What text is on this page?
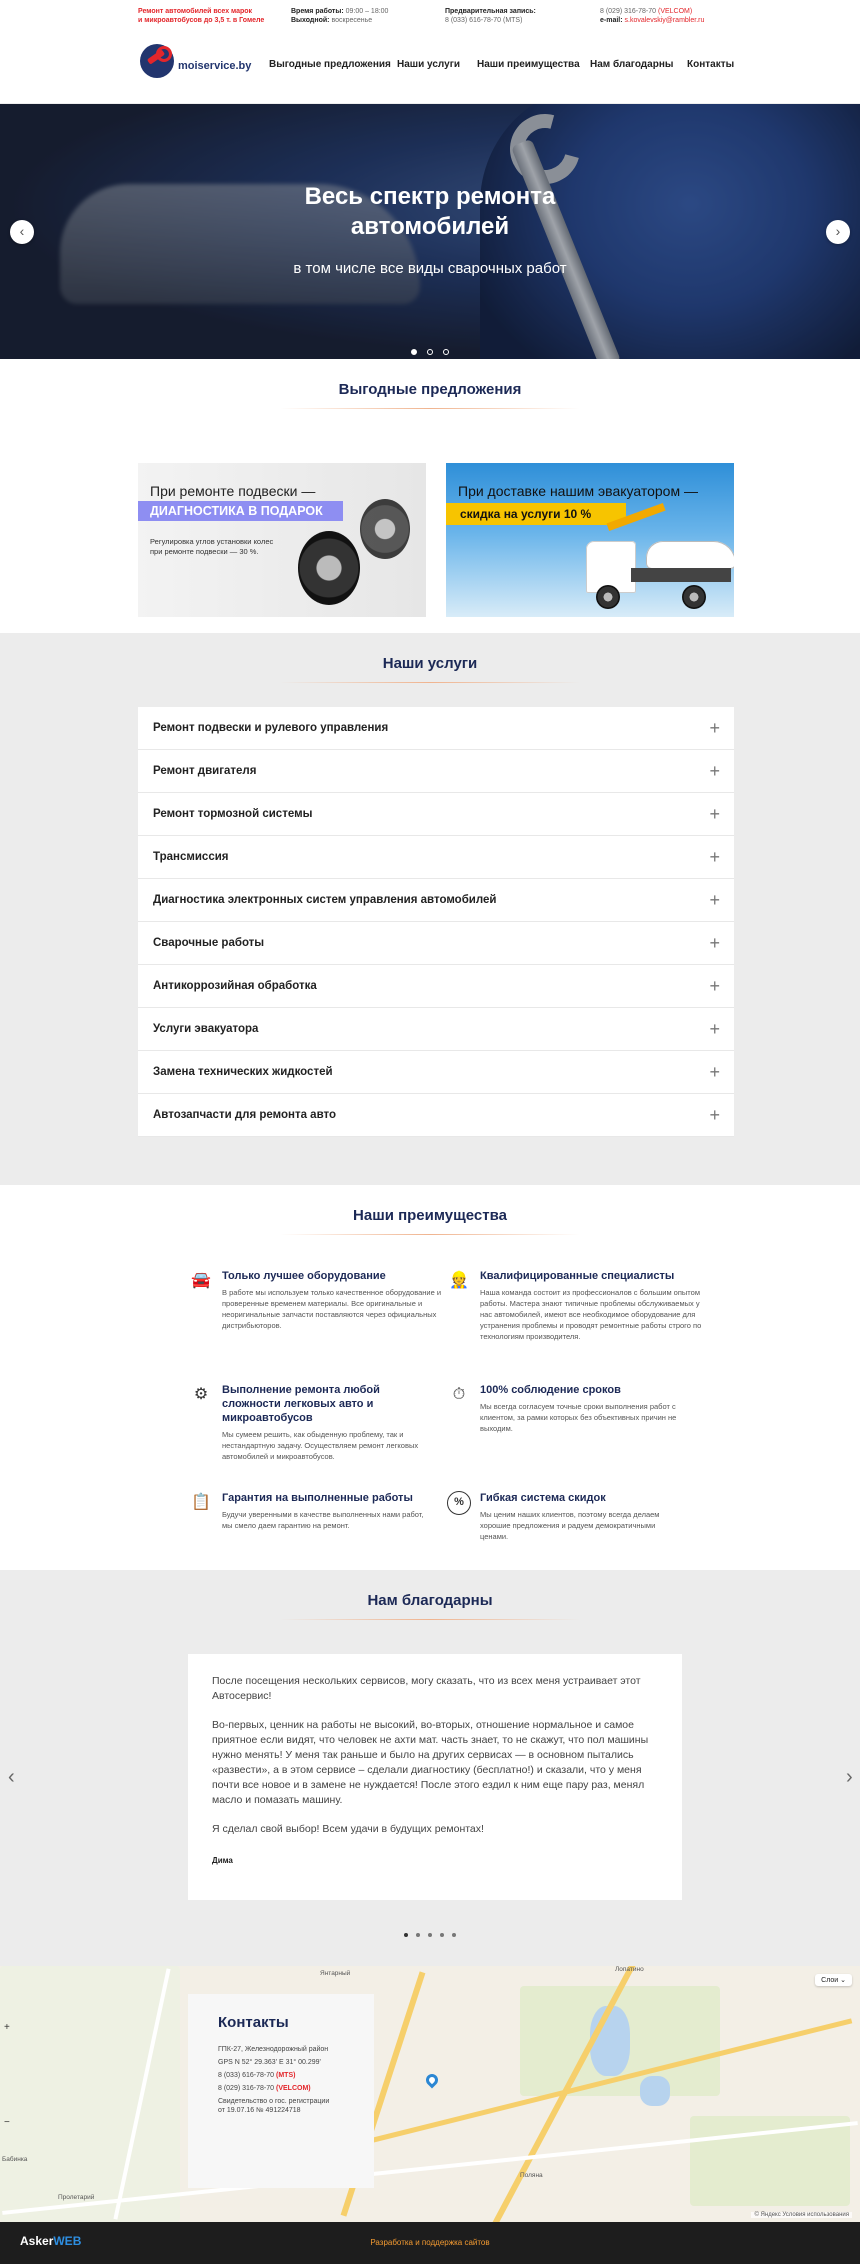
Ремонт автомобилей всех марок
и микроавтобусов до 3,5 т. в Гомеле
Время работы: 09:00 – 18:00
Выходной: воскресенье
Предварительная запись:
8 (033) 616-78-70 (MTS)
8 (029) 316-78-70 (VELCOM)
e-mail: s.kovalevskiy@rambler.ru
moiservice.by Выгодные предложения Наши услуги Наши преимущества Нам благодарны Контакты
Весь спектр ремонта
автомобилей
в том числе все виды сварочных работ
‹	›
Выгодные предложения
При ремонте подвески —
ДИАГНОСТИКА В ПОДАРОК
Регулировка углов установки колес
при ремонте подвески — 30 %.
При доставке нашим эвакуатором —
скидка на услуги 10 %
Наши услуги
Ремонт подвески и рулевого управления	+
Ремонт двигателя	+
Ремонт тормозной системы	+
Трансмиссия	+
Диагностика электронных систем управления автомобилей	+
Сварочные работы	+
Антикоррозийная обработка	+
Услуги эвакуатора	+
Замена технических жидкостей	+
Автозапчасти для ремонта авто	+
Наши преимущества
🚘 Только лучшее оборудование
В работе мы используем только качественное оборудование и проверенные временем материалы. Все оригинальные и неоригинальные запчасти поставляются через официальных дистрибьюторов.
👷 Квалифицированные специалисты
Наша команда состоит из профессионалов с большим опытом работы. Мастера знают типичные проблемы обслуживаемых у нас автомобилей, имеют все необходимое оборудование для устранения проблемы и проводят ремонтные работы строго по технологиям производителя.
⚙	Выполнение ремонта любой сложности легковых авто и микроавтобусов
Мы сумеем решить, как обыденную проблему, так и нестандартную задачу. Осуществляем ремонт легковых автомобилей и микроавтобусов.
⏱	100% соблюдение сроков
Мы всегда согласуем точные сроки выполнения работ с клиентом, за рамки которых без объективных причин не выходим.
📋 Гарантия на выполненные работы
Будучи уверенными в качестве выполненных нами работ, мы смело даем гарантию на ремонт.
%	Гибкая система скидок
Мы ценим наших клиентов, поэтому всегда делаем хорошие предложения и радуем демократичными ценами.
Нам благодарны
‹	›

После посещения нескольких сервисов, могу сказать, что из всех меня устраивает этот Автосервис!

Во-первых, ценник на работы не высокий, во-вторых, отношение нормальное и самое приятное если видят, что человек не ахти мат. часть знает, то не скажут, что пол машины нужно менять! У меня так раньше и было на других сервисах — в основном пытались «развести», а в этом сервисе – сделали диагностику (бесплатно!) и сказали, что у меня почти все новое и в замене не нуждается! После этого ездил к ним еще пару раз, менял масло и помазать машину.

Я сделал свой выбор! Всем удачи в будущих ремонтах!

Дима
Янтарный
Лопатино
Пролетарий
Поляна
Бабинка
Слои ⌄
+
−
© Яндекс Условия использования
Контакты
ГПК-27, Железнодорожный район
GPS N 52° 29.363' E 31° 00.299'
8 (033) 616-78-70 (MTS)
8 (029) 316-78-70 (VELCOM)
Свидетельство о гос. регистрации
от 19.07.16 № 491224718
AskerWEB	Разработка и поддержка сайтов
